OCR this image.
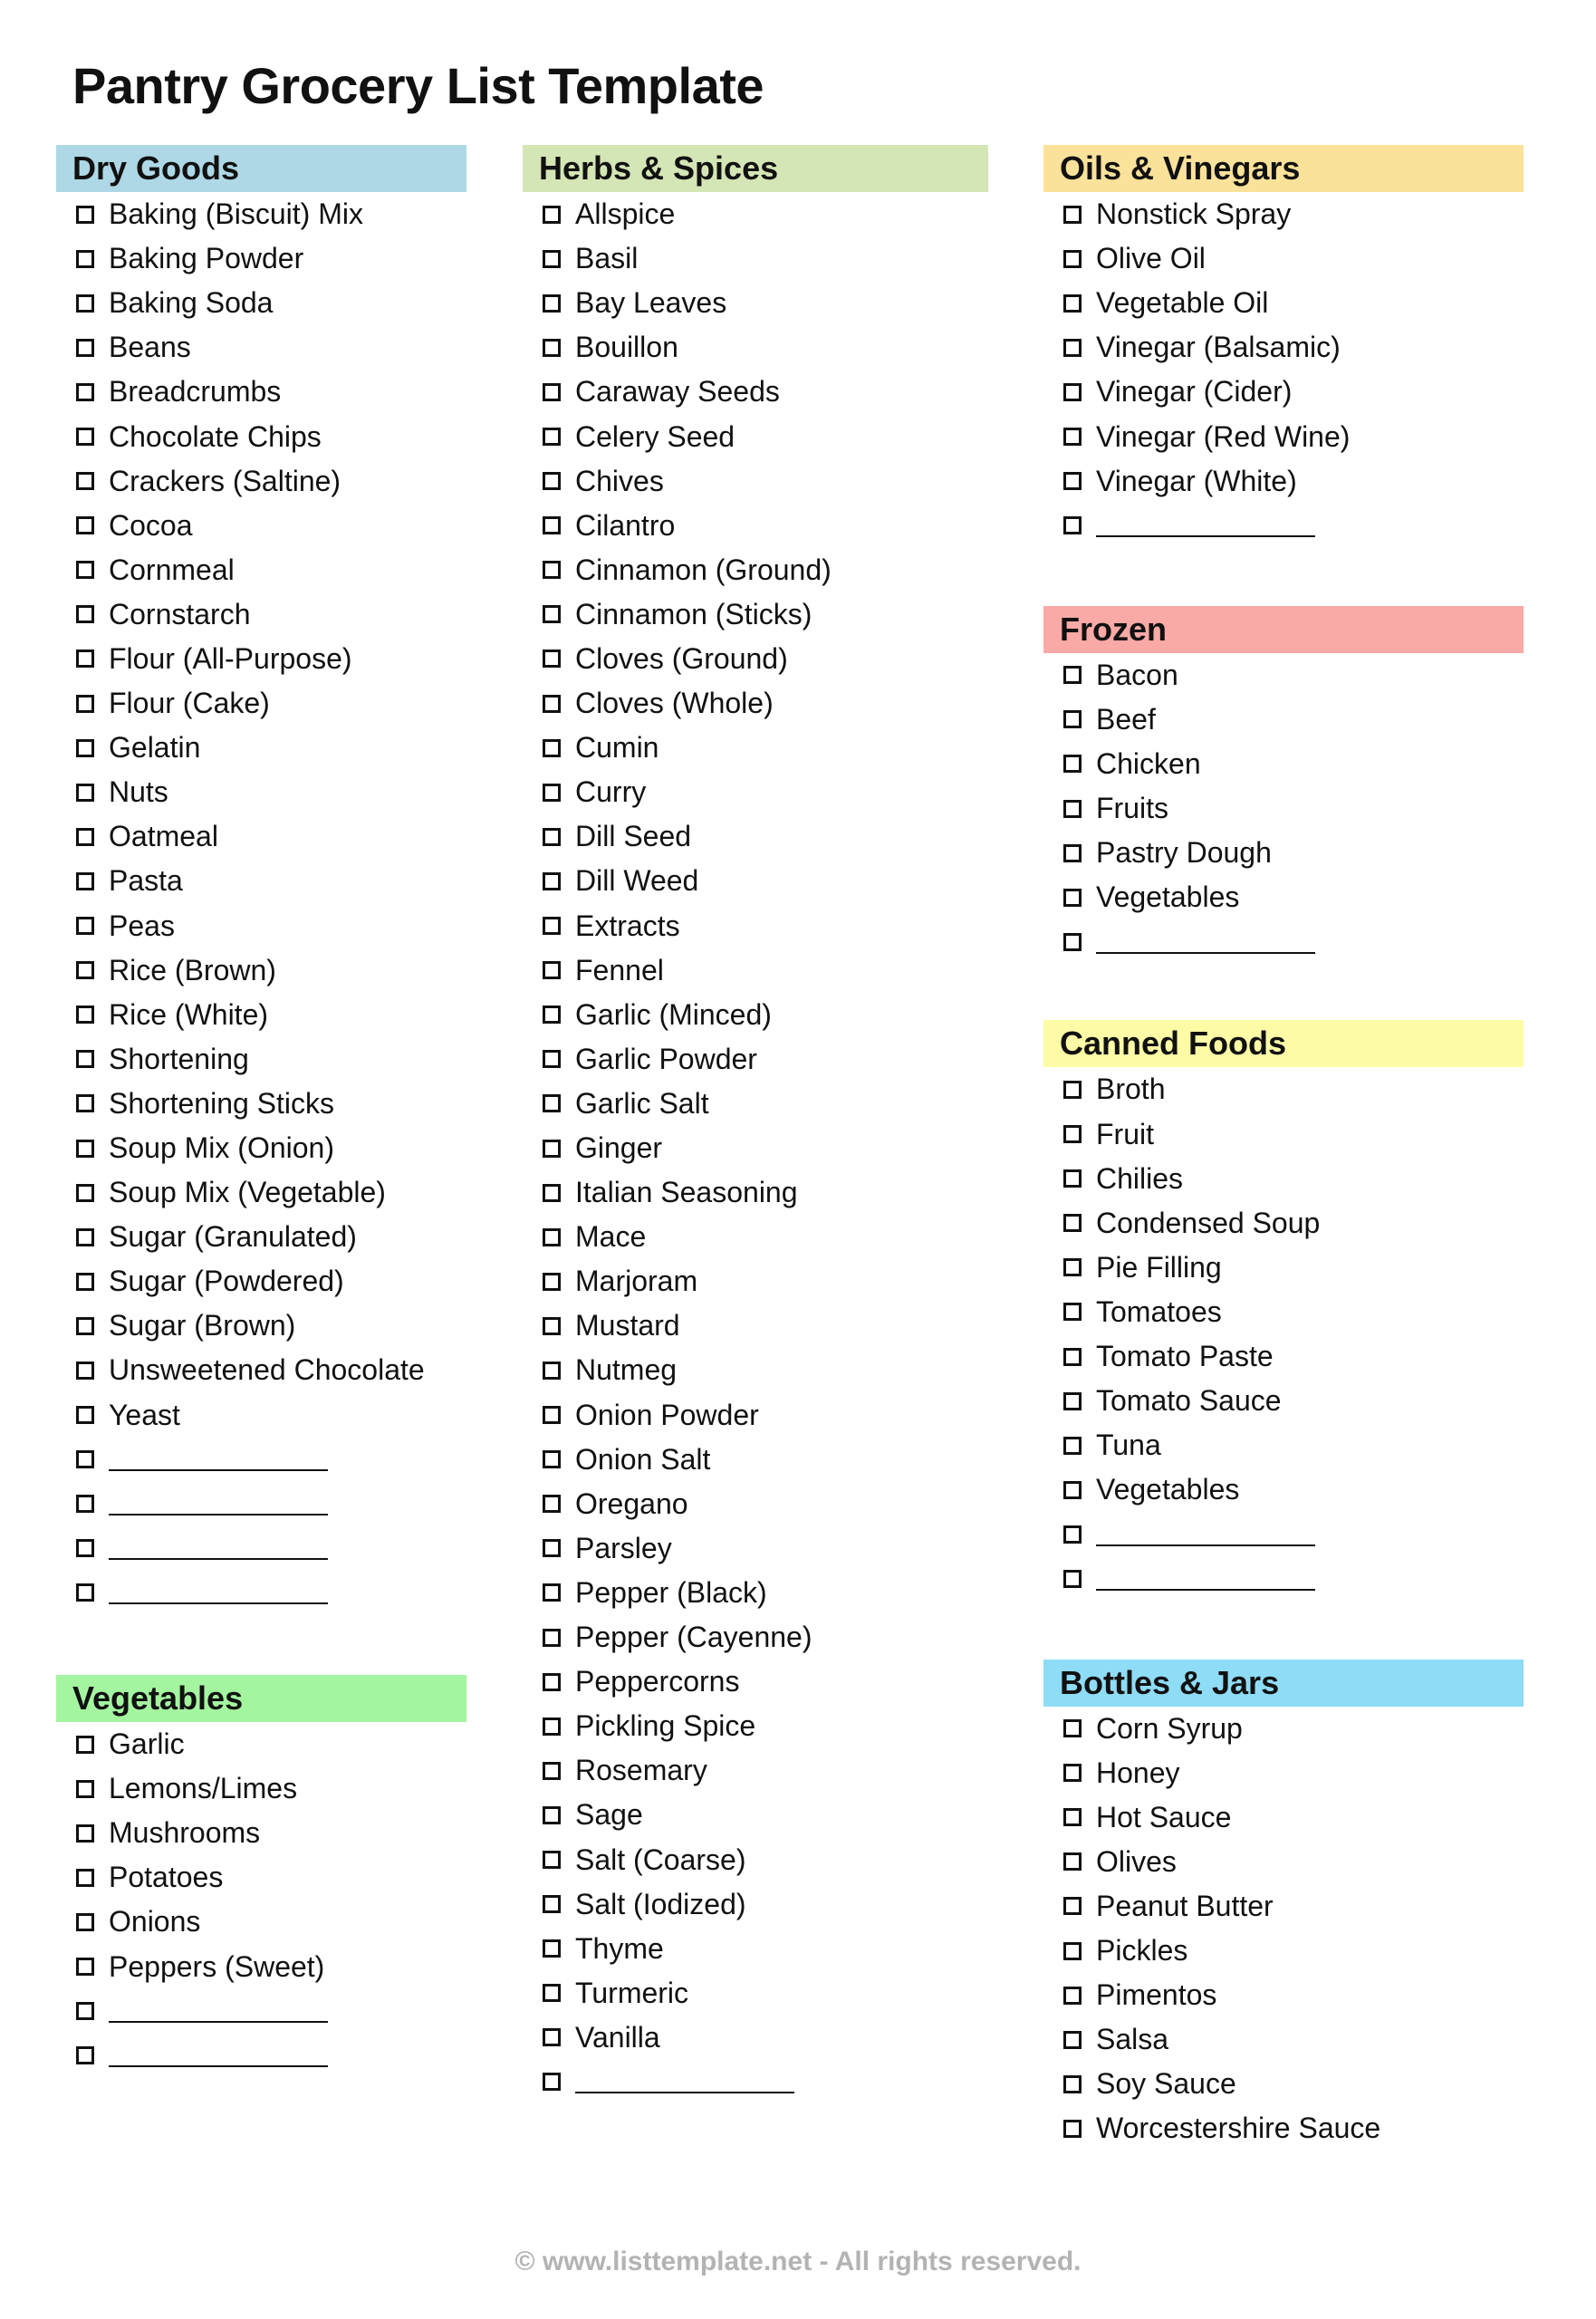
Pantry Grocery List Template
Dry Goods
Baking (Biscuit) Mix
Baking Powder
Baking Soda
Beans
Breadcrumbs
Chocolate Chips
Crackers (Saltine)
Cocoa
Cornmeal
Cornstarch
Flour (All-Purpose)
Flour (Cake)
Gelatin
Nuts
Oatmeal
Pasta
Peas
Rice (Brown)
Rice (White)
Shortening
Shortening Sticks
Soup Mix (Onion)
Soup Mix (Vegetable)
Sugar (Granulated)
Sugar (Powdered)
Sugar (Brown)
Unsweetened Chocolate
Yeast
Vegetables
Garlic
Lemons/Limes
Mushrooms
Potatoes
Onions
Peppers (Sweet)
Herbs & Spices
Allspice
Basil
Bay Leaves
Bouillon
Caraway Seeds
Celery Seed
Chives
Cilantro
Cinnamon (Ground)
Cinnamon (Sticks)
Cloves (Ground)
Cloves (Whole)
Cumin
Curry
Dill Seed
Dill Weed
Extracts
Fennel
Garlic (Minced)
Garlic Powder
Garlic Salt
Ginger
Italian Seasoning
Mace
Marjoram
Mustard
Nutmeg
Onion Powder
Onion Salt
Oregano
Parsley
Pepper (Black)
Pepper (Cayenne)
Peppercorns
Pickling Spice
Rosemary
Sage
Salt (Coarse)
Salt (Iodized)
Thyme
Turmeric
Vanilla
Oils & Vinegars
Nonstick Spray
Olive Oil
Vegetable Oil
Vinegar (Balsamic)
Vinegar (Cider)
Vinegar (Red Wine)
Vinegar (White)
Frozen
Bacon
Beef
Chicken
Fruits
Pastry Dough
Vegetables
Canned Foods
Broth
Fruit
Chilies
Condensed Soup
Pie Filling
Tomatoes
Tomato Paste
Tomato Sauce
Tuna
Vegetables
Bottles & Jars
Corn Syrup
Honey
Hot Sauce
Olives
Peanut Butter
Pickles
Pimentos
Salsa
Soy Sauce
Worcestershire Sauce
© www.listtemplate.net - All rights reserved.
